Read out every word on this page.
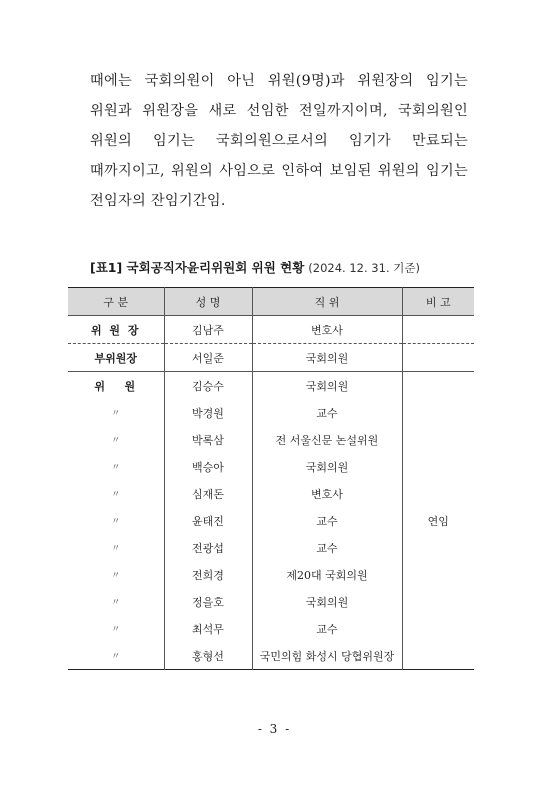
때에는 국회의원이 아닌 위원(9명)과 위원장의 임기는 위원과 위원장을 새로 선임한 전일까지이며, 국회의원인 위원의 임기는 국회의원으로서의 임기가 만료되는 때까지이고, 위원의 사임으로 인하여 보임된 위원의 임기는 전임자의 잔임기간임.
[표1] 국회공직자윤리위원회 위원 현황 (2024. 12. 31. 기준)
구 분	성 명	직 위	비 고
위 원 장	김남주	변호사	
부위원장	서일준	국회의원	
위   원	김승수	국회의원	연임
〃	박경원	교수	
〃	박록삼	전 서울신문 논설위원	
〃	백승아	국회의원	
〃	심재돈	변호사	
〃	윤태진	교수	
〃	전광섭	교수	
〃	전희경	제20대 국회의원	
〃	정을호	국회의원	
〃	최석무	교수	
〃	홍형선	국민의힘 화성시 당협위원장	
- 3 -
